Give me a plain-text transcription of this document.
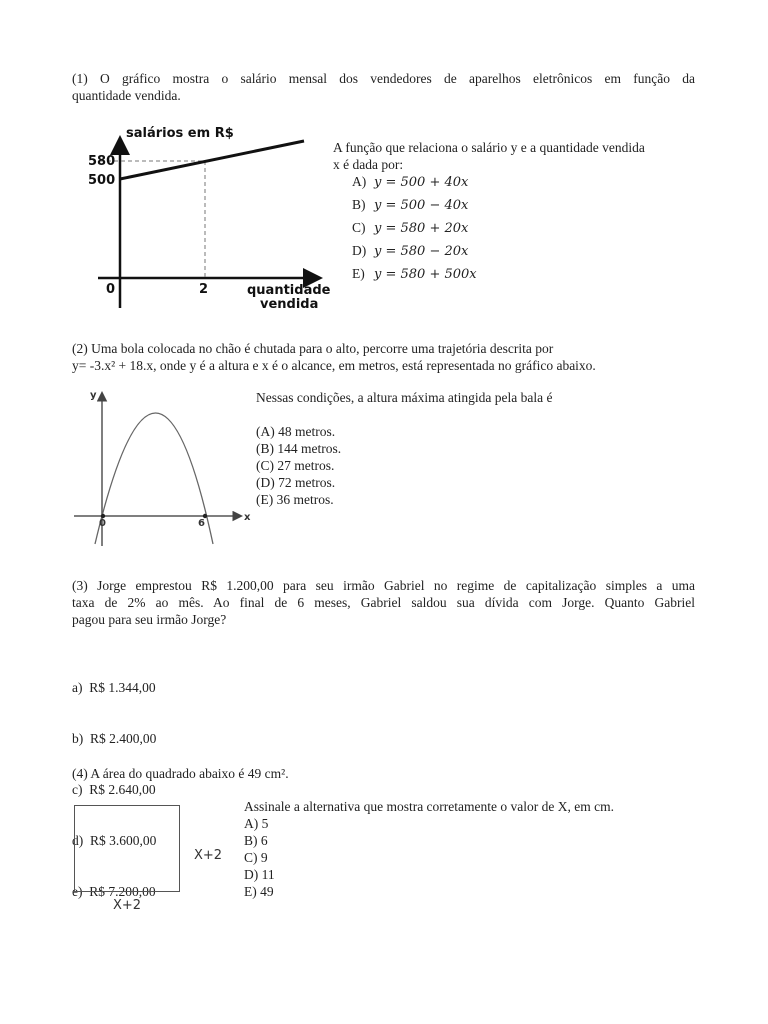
(1) O gráfico mostra o salário mensal dos vendedores de aparelhos eletrônicos em função da
quantidade vendida.
salários em R$
580
500
0	2	quantidade
vendida
A função que relaciona o salário y e a quantidade vendida
x é dada por:
A) y = 500 + 40x
B) y = 500 − 40x
C) y = 580 + 20x
D) y = 580 − 20x
E) y = 580 + 500x
(2) Uma bola colocada no chão é chutada para o alto, percorre uma trajetória descrita por
y= -3.x² + 18.x, onde y é a altura e x é o alcance, em metros, está representada no gráfico abaixo.
y
x
0	6
Nessas condições, a altura máxima atingida pela bala é
(A) 48 metros.
(B) 144 metros.
(C) 27 metros.
(D) 72 metros.
(E) 36 metros.
(3) Jorge emprestou R$ 1.200,00 para seu irmão Gabriel no regime de capitalização simples a uma
taxa de 2% ao mês. Ao final de 6 meses, Gabriel saldou sua dívida com Jorge. Quanto Gabriel
pagou para seu irmão Jorge?

a)  R$ 1.344,00

b)  R$ 2.400,00

c)  R$ 2.640,00

d)  R$ 3.600,00

e)  R$ 7.200,00

(4) A área do quadrado abaixo é 49 cm².
X+2
X+2
Assinale a alternativa que mostra corretamente o valor de X, em cm.
A) 5
B) 6
C) 9
D) 11
E) 49
